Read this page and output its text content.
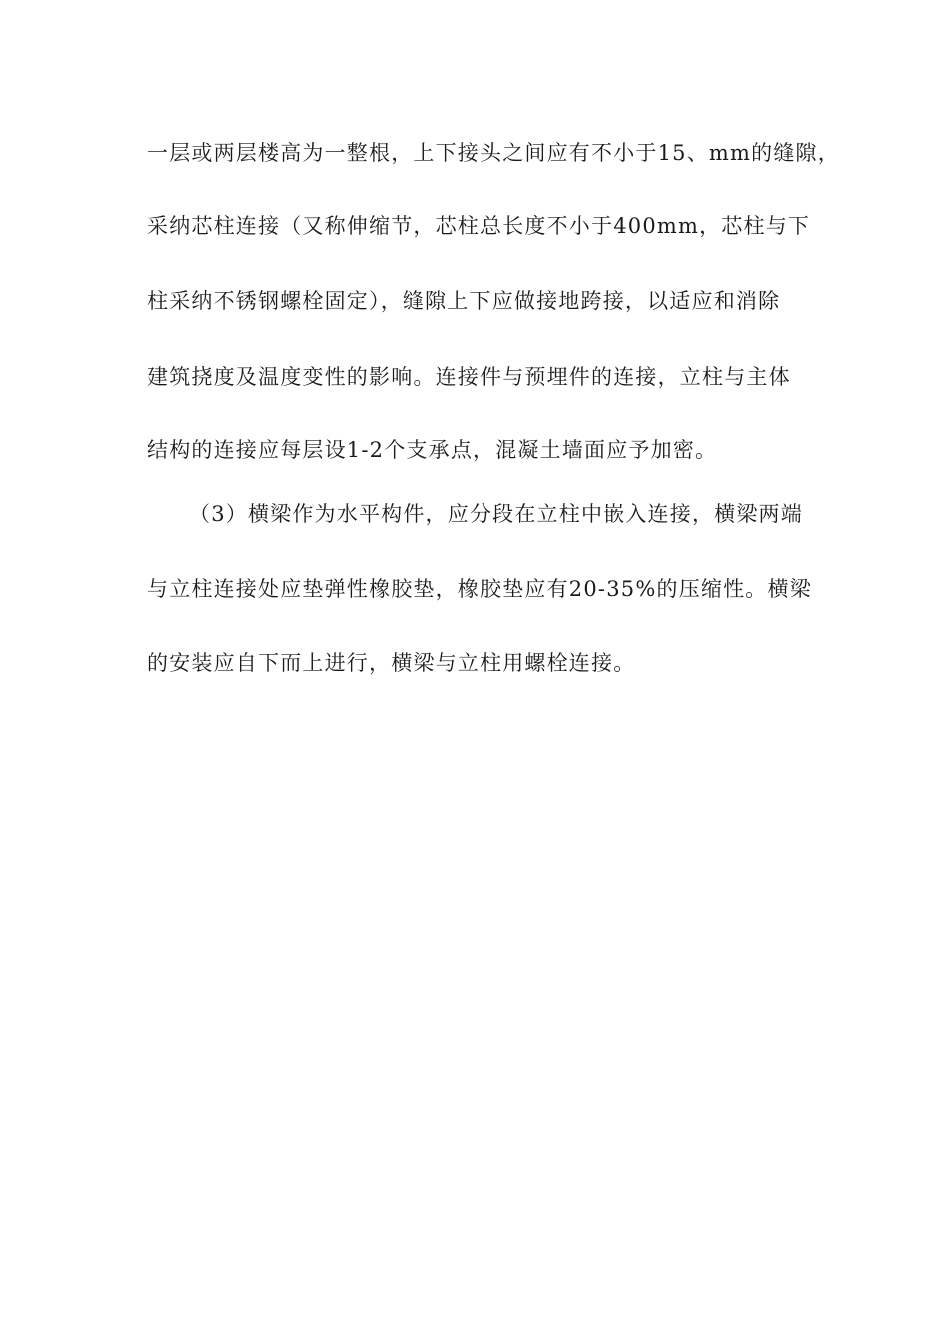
一层或两层楼高为一整根，上下接头之间应有不小于15、mm的缝隙，
采纳芯柱连接（又称伸缩节，芯柱总长度不小于400mm，芯柱与下
柱采纳不锈钢螺栓固定），缝隙上下应做接地跨接，以适应和消除
建筑挠度及温度变性的影响。连接件与预埋件的连接，立柱与主体
结构的连接应每层设1-2个支承点，混凝土墙面应予加密。
（3）横梁作为水平构件，应分段在立柱中嵌入连接，横梁两端
与立柱连接处应垫弹性橡胶垫，橡胶垫应有20-35%的压缩性。横梁
的安装应自下而上进行，横梁与立柱用螺栓连接。
